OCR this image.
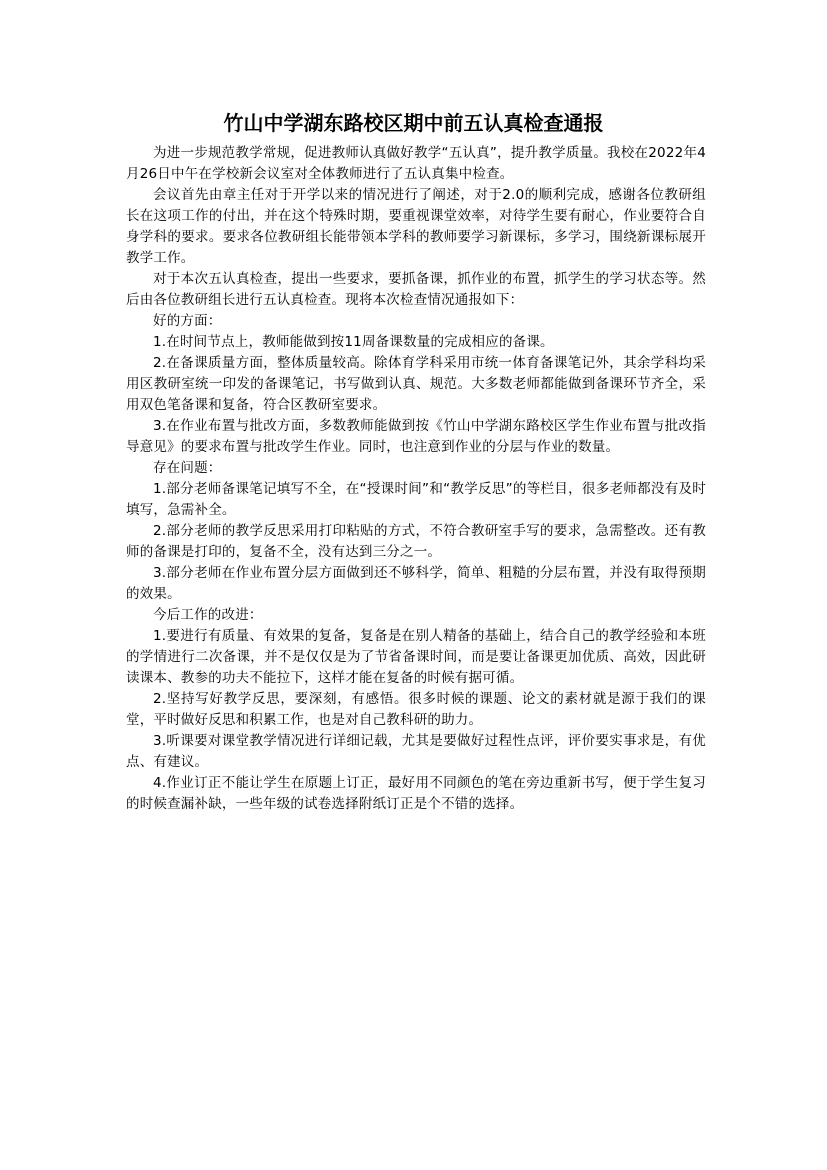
竹山中学湖东路校区期中前五认真检查通报

为进一步规范教学常规，促进教师认真做好教学“五认真”，提升教学质量。我校在2022年4月26日中午在学校新会议室对全体教师进行了五认真集中检查。

会议首先由章主任对于开学以来的情况进行了阐述，对于2.0的顺利完成，感谢各位教研组长在这项工作的付出，并在这个特殊时期，要重视课堂效率，对待学生要有耐心，作业要符合自身学科的要求。要求各位教研组长能带领本学科的教师要学习新课标，多学习，围绕新课标展开教学工作。

对于本次五认真检查，提出一些要求，要抓备课，抓作业的布置，抓学生的学习状态等。然后由各位教研组长进行五认真检查。现将本次检查情况通报如下：

好的方面：

1.在时间节点上，教师能做到按11周备课数量的完成相应的备课。

2.在备课质量方面，整体质量较高。除体育学科采用市统一体育备课笔记外，其余学科均采用区教研室统一印发的备课笔记，书写做到认真、规范。大多数老师都能做到备课环节齐全，采用双色笔备课和复备，符合区教研室要求。

3.在作业布置与批改方面，多数教师能做到按《竹山中学湖东路校区学生作业布置与批改指导意见》的要求布置与批改学生作业。同时，也注意到作业的分层与作业的数量。

存在问题：

1.部分老师备课笔记填写不全，在“授课时间”和“教学反思”的等栏目，很多老师都没有及时填写，急需补全。

2.部分老师的教学反思采用打印粘贴的方式，不符合教研室手写的要求，急需整改。还有教师的备课是打印的，复备不全，没有达到三分之一。

3.部分老师在作业布置分层方面做到还不够科学，简单、粗糙的分层布置，并没有取得预期的效果。

今后工作的改进：

1.要进行有质量、有效果的复备，复备是在别人精备的基础上，结合自己的教学经验和本班的学情进行二次备课，并不是仅仅是为了节省备课时间，而是要让备课更加优质、高效，因此研读课本、教参的功夫不能拉下，这样才能在复备的时候有据可循。

2.坚持写好教学反思，要深刻，有感悟。很多时候的课题、论文的素材就是源于我们的课堂，平时做好反思和积累工作，也是对自己教科研的助力。

3.听课要对课堂教学情况进行详细记载，尤其是要做好过程性点评，评价要实事求是，有优点、有建议。

4.作业订正不能让学生在原题上订正，最好用不同颜色的笔在旁边重新书写，便于学生复习的时候查漏补缺，一些年级的试卷选择附纸订正是个不错的选择。
